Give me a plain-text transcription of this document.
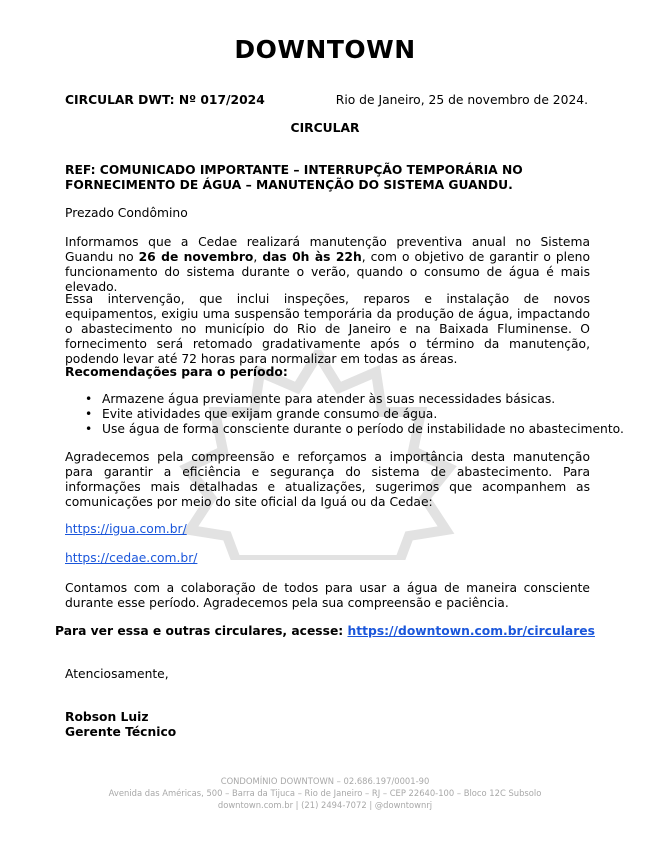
DOWNTOWN
CIRCULAR DWT: Nº 017/2024	Rio de Janeiro, 25 de novembro de 2024.
CIRCULAR
REF: COMUNICADO IMPORTANTE – INTERRUPÇÃO TEMPORÁRIA NO FORNECIMENTO DE ÁGUA – MANUTENÇÃO DO SISTEMA GUANDU.
Prezado Condômino
Informamos que a Cedae realizará manutenção preventiva anual no Sistema Guandu no 26 de novembro, das 0h às 22h, com o objetivo de garantir o pleno funcionamento do sistema durante o verão, quando o consumo de água é mais elevado.
Essa intervenção, que inclui inspeções, reparos e instalação de novos equipamentos, exigiu uma suspensão temporária da produção de água, impactando o abastecimento no município do Rio de Janeiro e na Baixada Fluminense. O fornecimento será retomado gradativamente após o término da manutenção, podendo levar até 72 horas para normalizar em todas as áreas.
Recomendações para o período:
• Armazene água previamente para atender às suas necessidades básicas.
• Evite atividades que exijam grande consumo de água.
• Use água de forma consciente durante o período de instabilidade no abastecimento.
Agradecemos pela compreensão e reforçamos a importância desta manutenção para garantir a eficiência e segurança do sistema de abastecimento. Para informações mais detalhadas e atualizações, sugerimos que acompanhem as comunicações por meio do site oficial da Iguá ou da Cedae:
https://igua.com.br/
https://cedae.com.br/
Contamos com a colaboração de todos para usar a água de maneira consciente durante esse período. Agradecemos pela sua compreensão e paciência.
Para ver essa e outras circulares, acesse: https://downtown.com.br/circulares
Atenciosamente,
Robson Luiz
Gerente Técnico
CONDOMÍNIO DOWNTOWN – 02.686.197/0001-90
Avenida das Américas, 500 – Barra da Tijuca – Rio de Janeiro – RJ – CEP 22640-100 – Bloco 12C Subsolo
downtown.com.br | (21) 2494-7072 | @downtownrj
